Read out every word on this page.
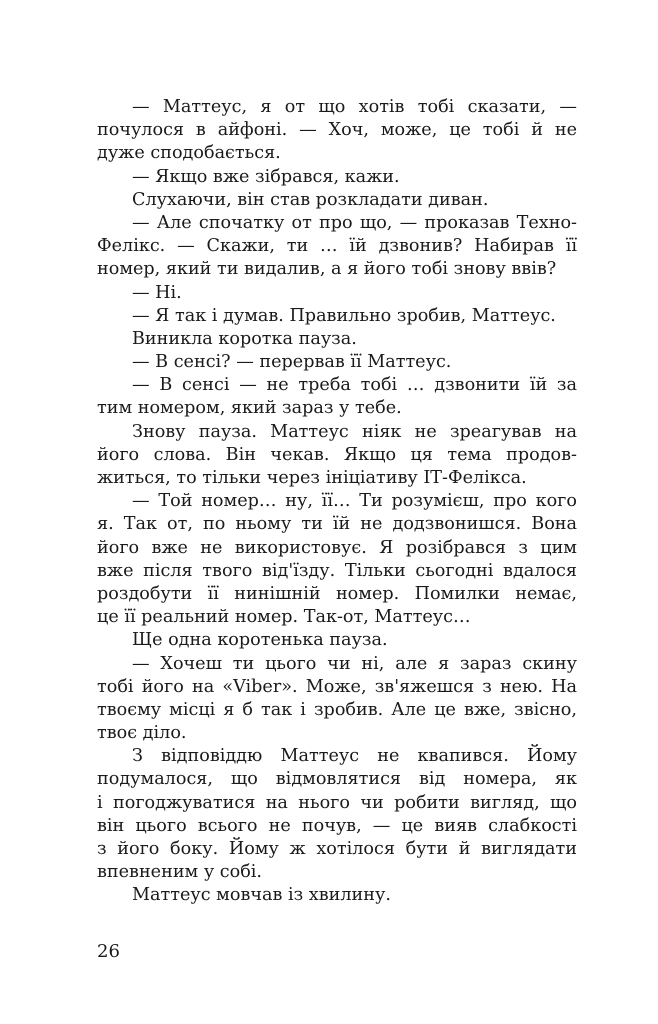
— Маттеус, я от що хотів тобі сказати, —
почулося в айфоні. — Хоч, може, це тобі й не
дуже сподобається.
— Якщо вже зібрався, кажи.
Слухаючи, він став розкладати диван.
— Але спочатку от про що, — проказав Техно-
Фелікс. — Скажи, ти … їй дзвонив? Набирав її
номер, який ти видалив, а я його тобі знову ввів?
— Ні.
— Я так і думав. Правильно зробив, Маттеус.
Виникла коротка пауза.
— В сенсі? — перервав її Маттеус.
— В сенсі — не треба тобі … дзвонити їй за
тим номером, який зараз у тебе.
Знову пауза. Маттеус ніяк не зреагував на
його слова. Він чекав. Якщо ця тема продов-
житься, то тільки через ініціативу ІТ-Фелікса.
— Той номер… ну, її… Ти розумієш, про кого
я. Так от, по ньому ти їй не додзвонишся. Вона
його вже не використовує. Я розібрався з цим
вже після твого від'їзду. Тільки сьогодні вдалося
роздобути її нинішній номер. Помилки немає,
це її реальний номер. Так-от, Маттеус…
Ще одна коротенька пауза.
— Хочеш ти цього чи ні, але я зараз скину
тобі його на «Viber». Може, зв'яжешся з нею. На
твоєму місці я б так і зробив. Але це вже, звісно,
твоє діло.
З відповіддю Маттеус не квапився. Йому
подумалося, що відмовлятися від номера, як
і погоджуватися на нього чи робити вигляд, що
він цього всього не почув, — це вияв слабкості
з його боку. Йому ж хотілося бути й виглядати
впевненим у собі.
Маттеус мовчав із хвилину.
26
